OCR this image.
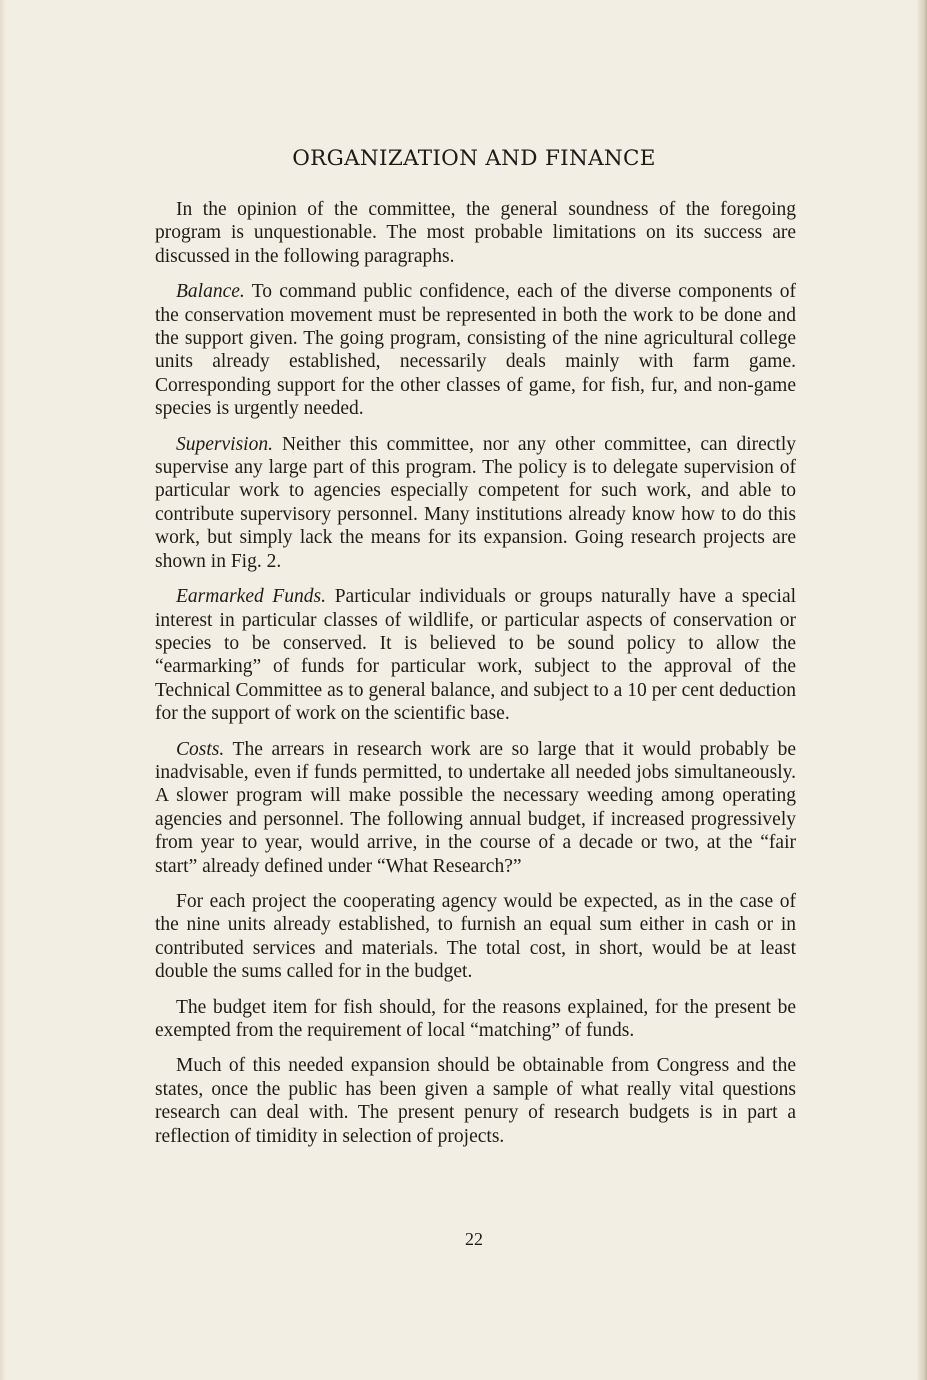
ORGANIZATION AND FINANCE

In the opinion of the committee, the general soundness of the foregoing program is unquestionable. The most probable limitations on its success are discussed in the following paragraphs.

Balance. To command public confidence, each of the diverse components of the conservation movement must be represented in both the work to be done and the support given. The going program, consisting of the nine agricultural college units already established, necessarily deals mainly with farm game. Corresponding support for the other classes of game, for fish, fur, and non-game species is urgently needed.

Supervision. Neither this committee, nor any other committee, can directly supervise any large part of this program. The policy is to delegate supervision of particular work to agencies especially competent for such work, and able to contribute supervisory personnel. Many institutions already know how to do this work, but simply lack the means for its expansion. Going research projects are shown in Fig. 2.

Earmarked Funds. Particular individuals or groups naturally have a special interest in particular classes of wildlife, or particular aspects of conservation or species to be conserved. It is believed to be sound policy to allow the “earmarking” of funds for particular work, subject to the approval of the Technical Committee as to general balance, and subject to a 10 per cent deduction for the support of work on the scientific base.

Costs. The arrears in research work are so large that it would probably be inadvisable, even if funds permitted, to undertake all needed jobs simultaneously. A slower program will make possible the necessary weeding among operating agencies and personnel. The following annual budget, if increased progressively from year to year, would arrive, in the course of a decade or two, at the “fair start” already defined under “What Research?”

For each project the cooperating agency would be expected, as in the case of the nine units already established, to furnish an equal sum either in cash or in contributed services and materials. The total cost, in short, would be at least double the sums called for in the budget.

The budget item for fish should, for the reasons explained, for the present be exempted from the requirement of local “matching” of funds.

Much of this needed expansion should be obtainable from Congress and the states, once the public has been given a sample of what really vital questions research can deal with. The present penury of research budgets is in part a reflection of timidity in selection of projects.

22
